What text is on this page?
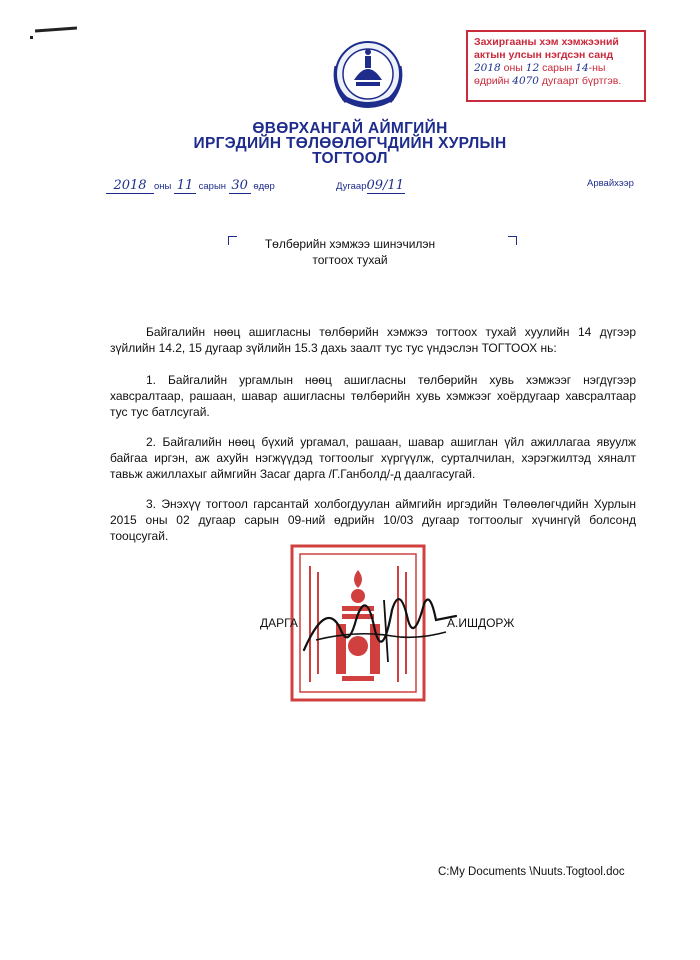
Захиргааны хэм хэмжээний
актын улсын нэгдсэн санд
2018 оны 12 сарын 14-ны
өдрийн 4070 дугаарт бүртгэв.
ӨВӨРХАНГАЙ АЙМГИЙН
ИРГЭДИЙН ТӨЛӨӨЛӨГЧДИЙН ХУРЛЫН
ТОГТООЛ
2018 оны 11 сарын 30 өдөр	Дугаар09/11	Арвайхээр
Төлбөрийн хэмжээ шинэчилэн
тогтоох тухай
Байгалийн нөөц ашигласны төлбөрийн хэмжээ тогтоох тухай хуулийн 14 дүгээр зүйлийн 14.2, 15 дугаар зүйлийн 15.3 дахь заалт тус тус үндэслэн ТОГТООХ нь:
1. Байгалийн ургамлын нөөц ашигласны төлбөрийн хувь хэмжээг нэгдүгээр хавсралтаар, рашаан, шавар ашигласны төлбөрийн хувь хэмжээг хоёрдугаар хавсралтаар тус тус батлсугай.
2. Байгалийн нөөц бүхий ургамал, рашаан, шавар ашиглан үйл ажиллагаа явуулж байгаа иргэн, аж ахуйн нэгжүүдэд тогтоолыг хүргүүлж, сурталчилан, хэрэгжилтэд хяналт тавьж ажиллахыг аймгийн Засаг дарга /Г.Ганболд/-д даалгасугай.
3. Энэхүү тогтоол гарсантай холбогдуулан аймгийн иргэдийн Төлөөлөгчдийн Хурлын 2015 оны 02 дугаар сарын 09-ний өдрийн 10/03 дугаар тогтоолыг хүчингүй болсонд тооцсугай.
ДАРГА	А.ИШДОРЖ
C:My Documents \Nuuts.Togtool.doc
